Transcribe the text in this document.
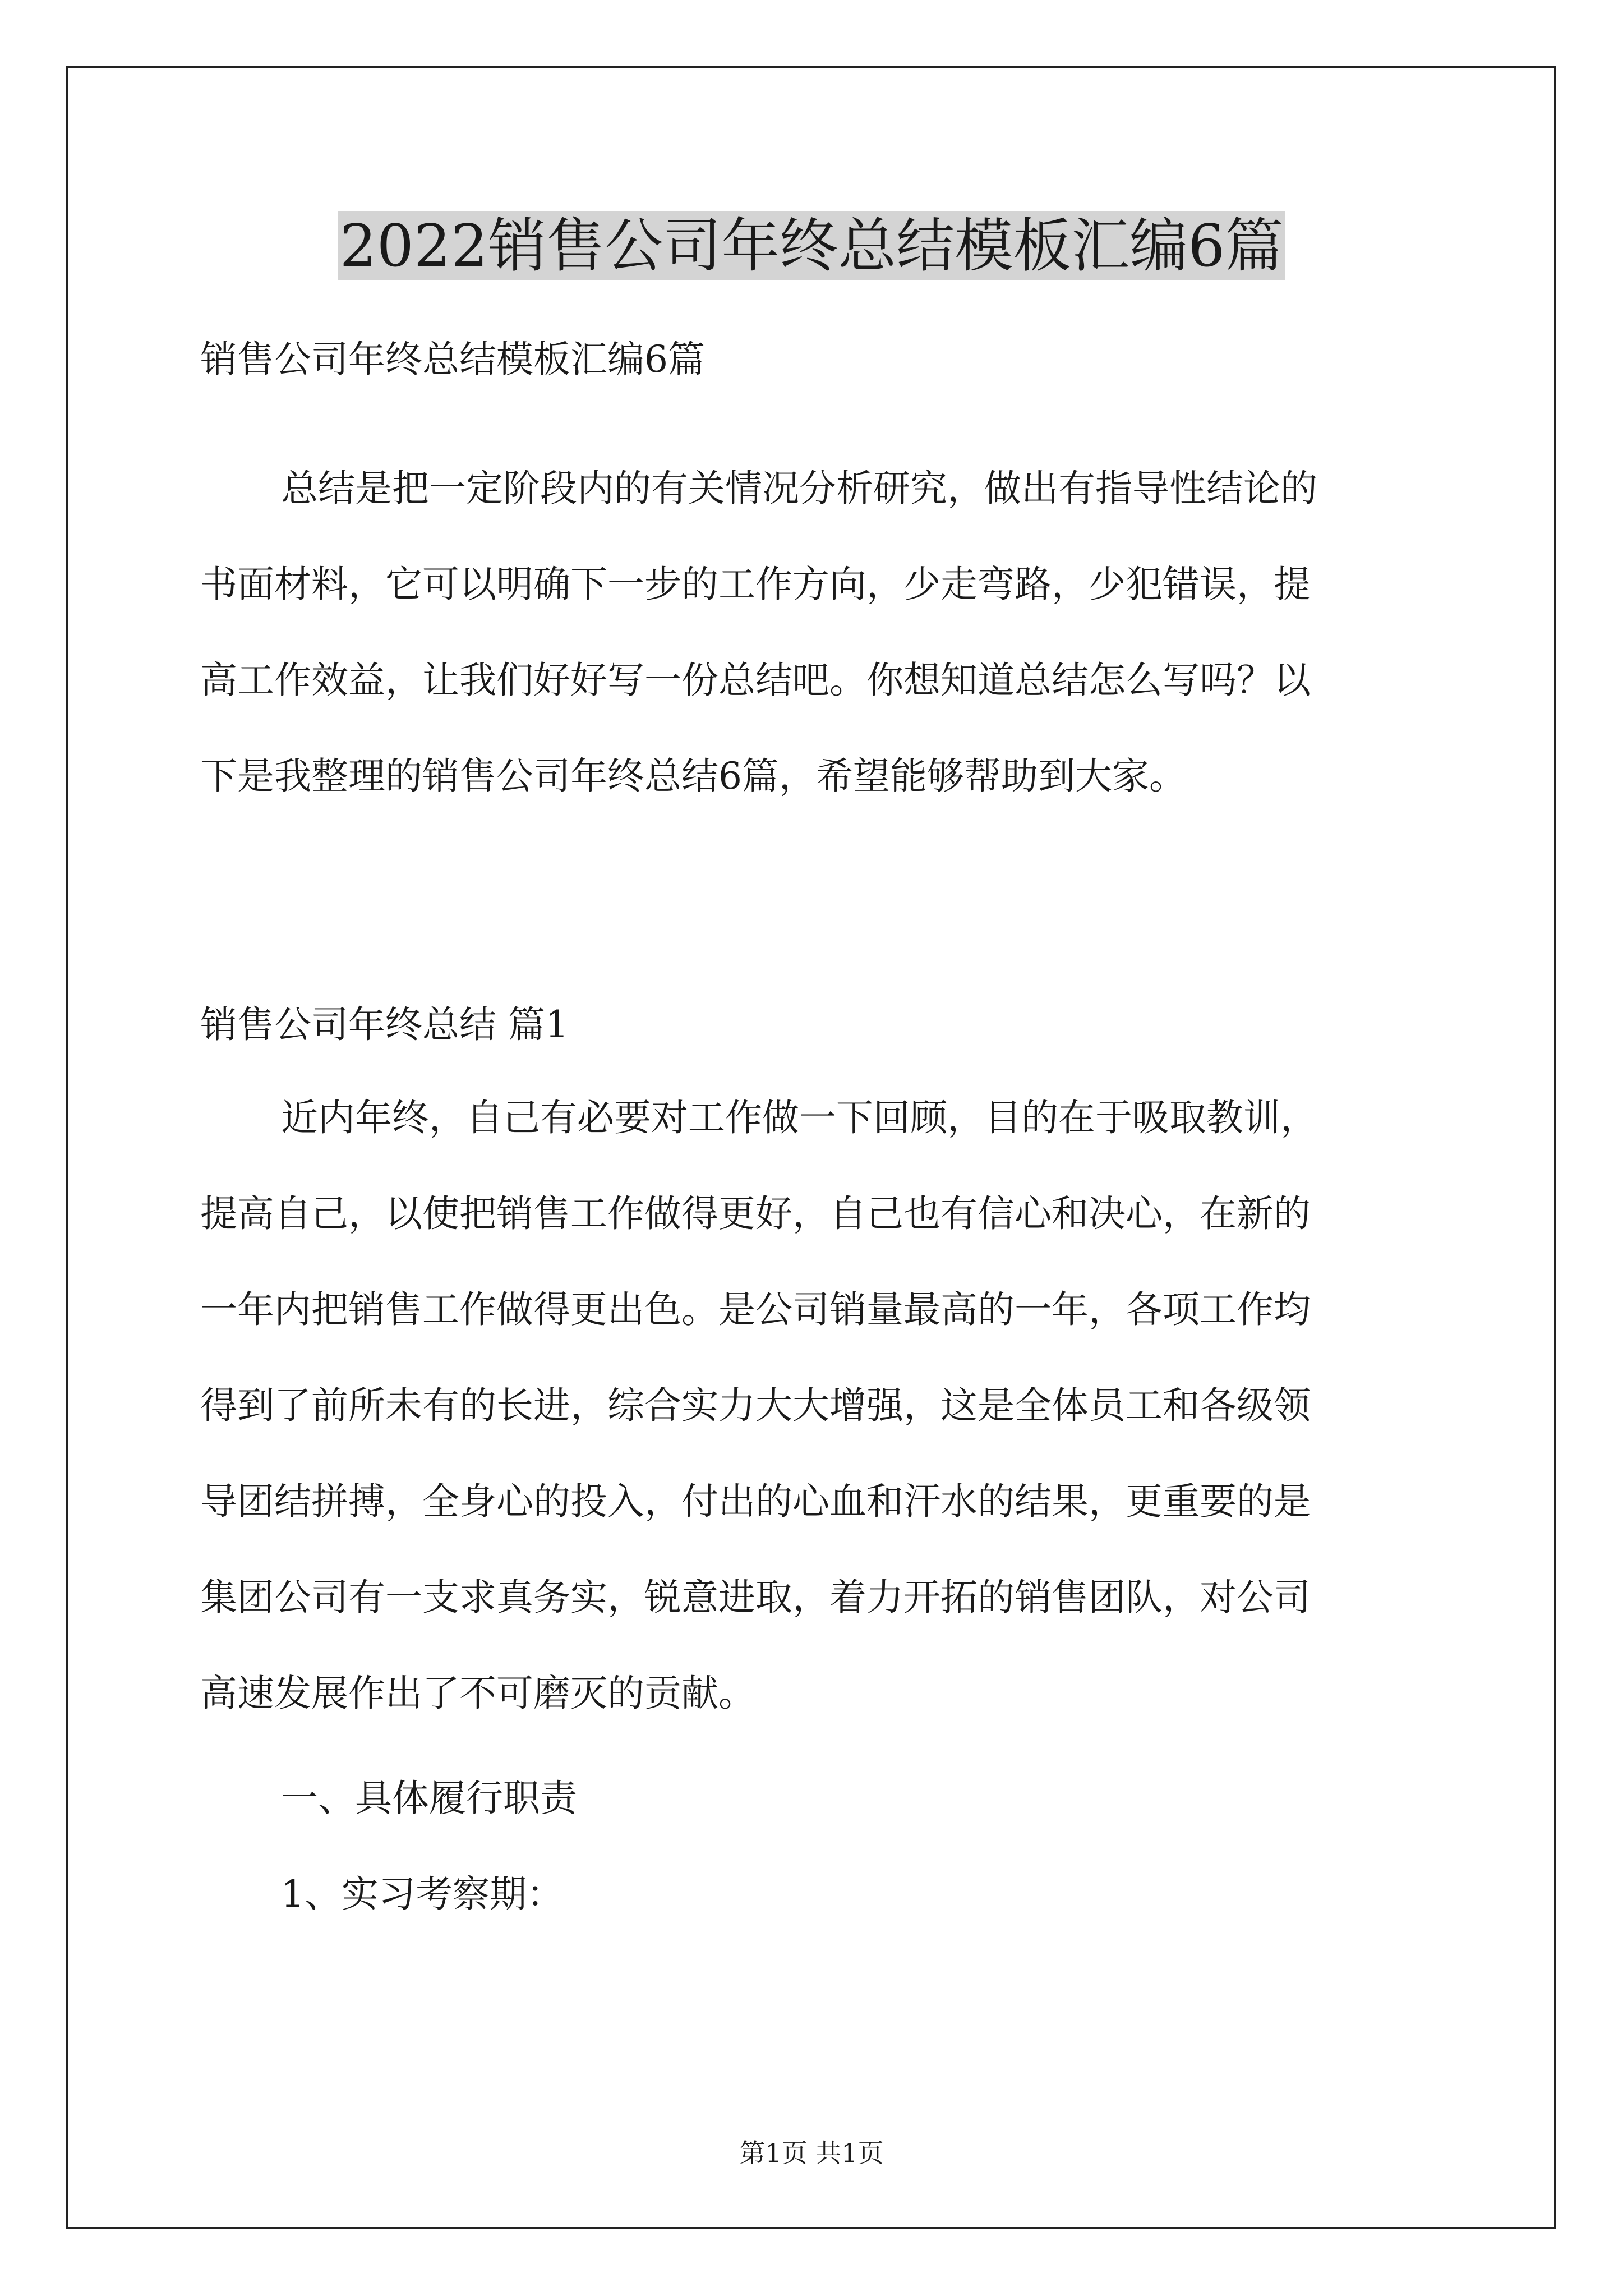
2022销售公司年终总结模板汇编6篇

销售公司年终总结模板汇编6篇

总结是把一定阶段内的有关情况分析研究，做出有指导性结论的
书面材料，它可以明确下一步的工作方向，少走弯路，少犯错误，提
高工作效益，让我们好好写一份总结吧。你想知道总结怎么写吗？以
下是我整理的销售公司年终总结6篇，希望能够帮助到大家。

销售公司年终总结 篇1

近内年终，自己有必要对工作做一下回顾，目的在于吸取教训，
提高自己，以使把销售工作做得更好，自己也有信心和决心，在新的
一年内把销售工作做得更出色。是公司销量最高的一年，各项工作均
得到了前所未有的长进，综合实力大大增强，这是全体员工和各级领
导团结拼搏，全身心的投入，付出的心血和汗水的结果，更重要的是
集团公司有一支求真务实，锐意进取，着力开拓的销售团队，对公司
高速发展作出了不可磨灭的贡献。

一、具体履行职责

1、实习考察期：

第1页 共1页
